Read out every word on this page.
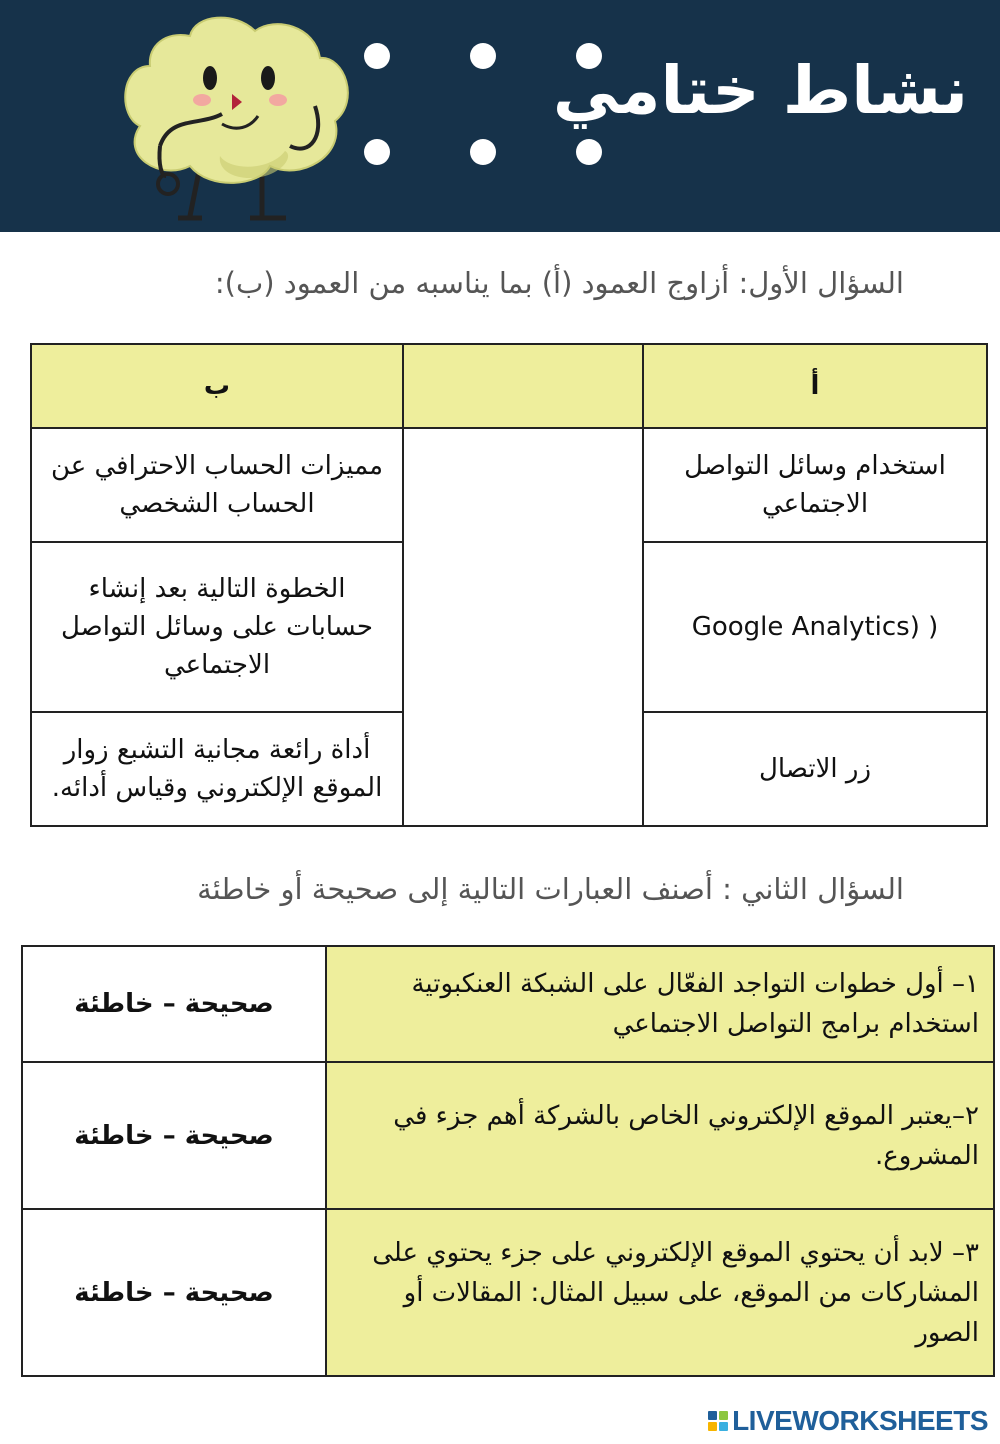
نشاط ختامي
السؤال الأول: أزاوج العمود (أ) بما يناسبه من العمود (ب):
أ		ب
استخدام وسائل التواصل الاجتماعي		مميزات الحساب الاحترافي عن الحساب الشخصي
( (Google Analytics		الخطوة التالية بعد إنشاء حسابات على وسائل التواصل الاجتماعي
زر الاتصال		أداة رائعة مجانية التشبع زوار الموقع الإلكتروني وقياس أدائه.
السؤال الثاني : أصنف العبارات التالية إلى صحيحة أو خاطئة
١– أول خطوات التواجد الفعّال على الشبكة العنكبوتية استخدام برامج التواصل الاجتماعي	صحيحة – خاطئة
٢–يعتبر الموقع الإلكتروني الخاص بالشركة أهم جزء في المشروع.	صحيحة – خاطئة
٣– لابد أن يحتوي الموقع الإلكتروني على جزء يحتوي على المشاركات من الموقع، على سبيل المثال: المقالات أو الصور	صحيحة – خاطئة
LIVEWORKSHEETS
